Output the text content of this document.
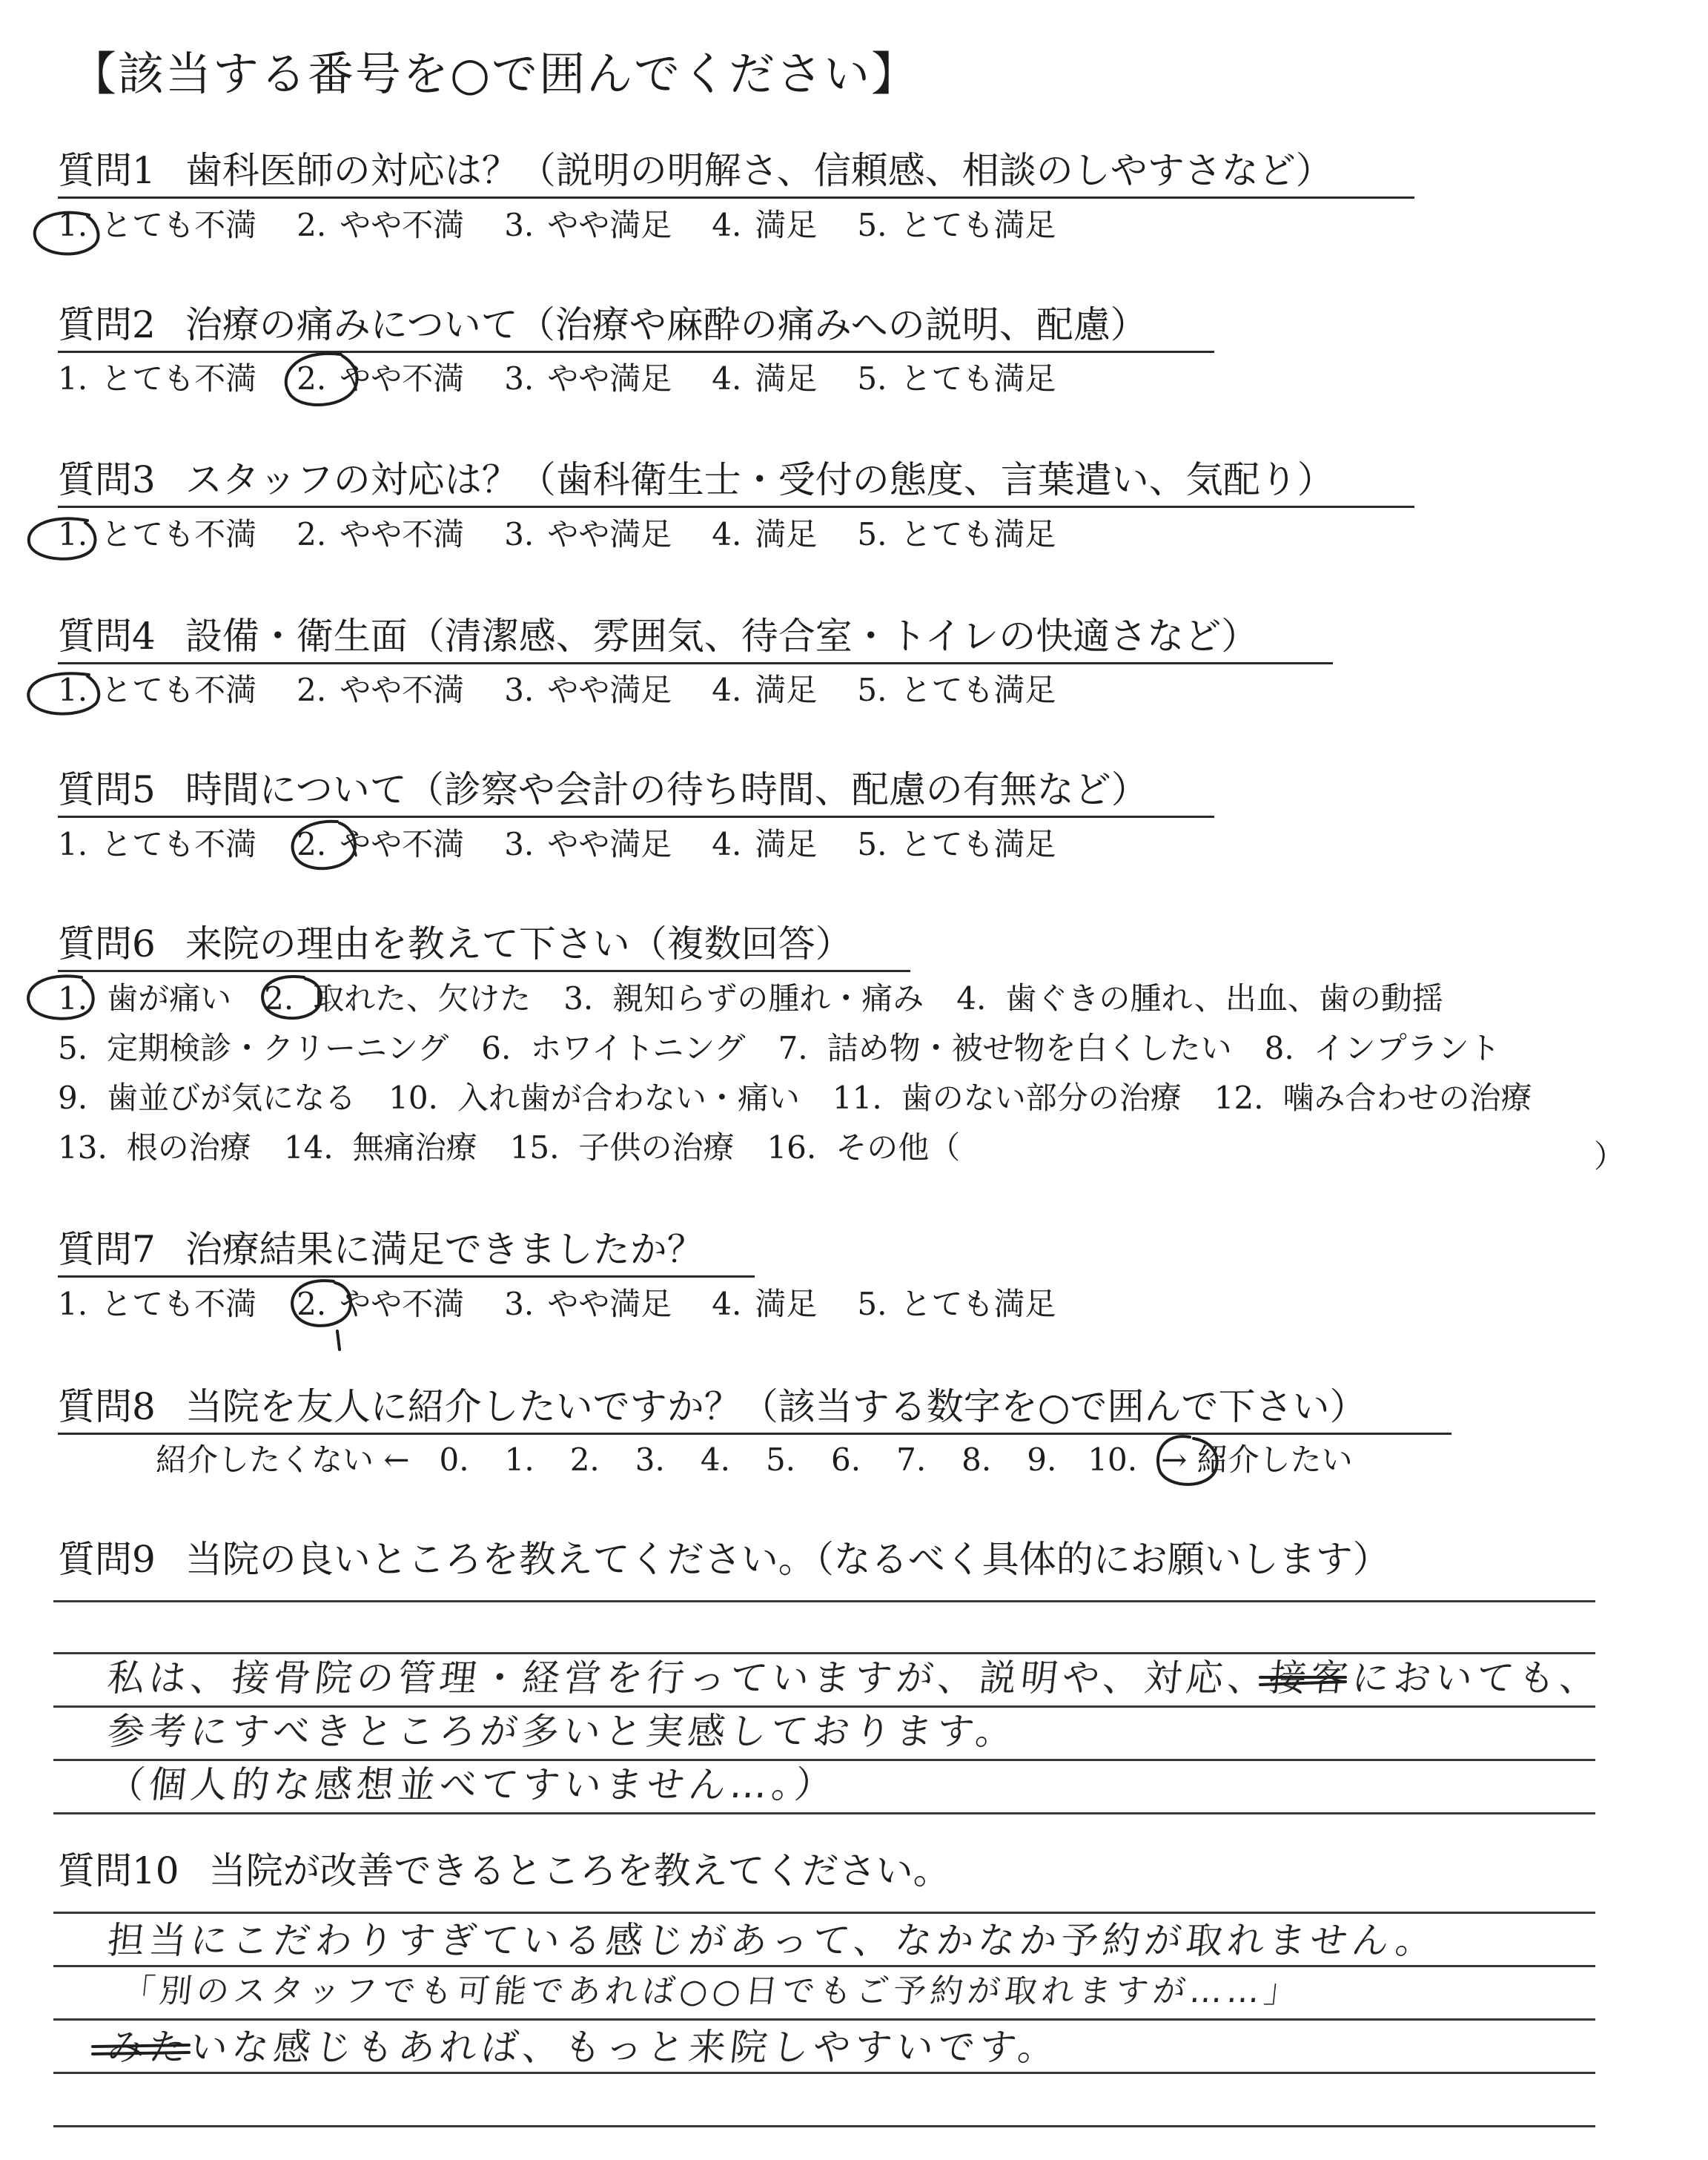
【該当する番号を○で囲んでください】
質問1 歯科医師の対応は？（説明の明解さ、信頼感、相談のしやすさなど）
1. とても不満 2. やや不満 3. やや満足 4. 満足 5. とても満足
質問2 治療の痛みについて（治療や麻酔の痛みへの説明、配慮）
1. とても不満 2. やや不満 3. やや満足 4. 満足 5. とても満足
質問3 スタッフの対応は？（歯科衛生士・受付の態度、言葉遣い、気配り）
1. とても不満 2. やや不満 3. やや満足 4. 満足 5. とても満足
質問4 設備・衛生面（清潔感、雰囲気、待合室・トイレの快適さなど）
1. とても不満 2. やや不満 3. やや満足 4. 満足 5. とても満足
質問5 時間について（診察や会計の待ち時間、配慮の有無など）
1. とても不満 2. やや不満 3. やや満足 4. 満足 5. とても満足
質問6 来院の理由を教えて下さい（複数回答）
1. 歯が痛い 2. 取れた、欠けた 3. 親知らずの腫れ・痛み 4. 歯ぐきの腫れ、出血、歯の動揺
5. 定期検診・クリーニング 6. ホワイトニング 7. 詰め物・被せ物を白くしたい 8. インプラント
9. 歯並びが気になる 10. 入れ歯が合わない・痛い 11. 歯のない部分の治療 12. 噛み合わせの治療
13. 根の治療 14. 無痛治療 15. 子供の治療 16. その他（	）
質問7 治療結果に満足できましたか？
1. とても不満 2. やや不満 3. やや満足 4. 満足 5. とても満足
質問8 当院を友人に紹介したいですか？（該当する数字を○で囲んで下さい）
紹介したくない ← 0. 1. 2. 3. 4. 5. 6. 7. 8. 9. 10. → 紹介したい
質問9 当院の良いところを教えてください。（なるべく具体的にお願いします）
私は、接骨院の管理・経営を行っていますが、説明や、対応、接客においても、
参考にすべきところが多いと実感しております。
（個人的な感想並べてすいません…。）
質問10 当院が改善できるところを教えてください。
担当にこだわりすぎている感じがあって、なかなか予約が取れません。
「別のスタッフでも可能であれば○○日でもご予約が取れますが……」
みたいな感じもあれば、もっと来院しやすいです。
